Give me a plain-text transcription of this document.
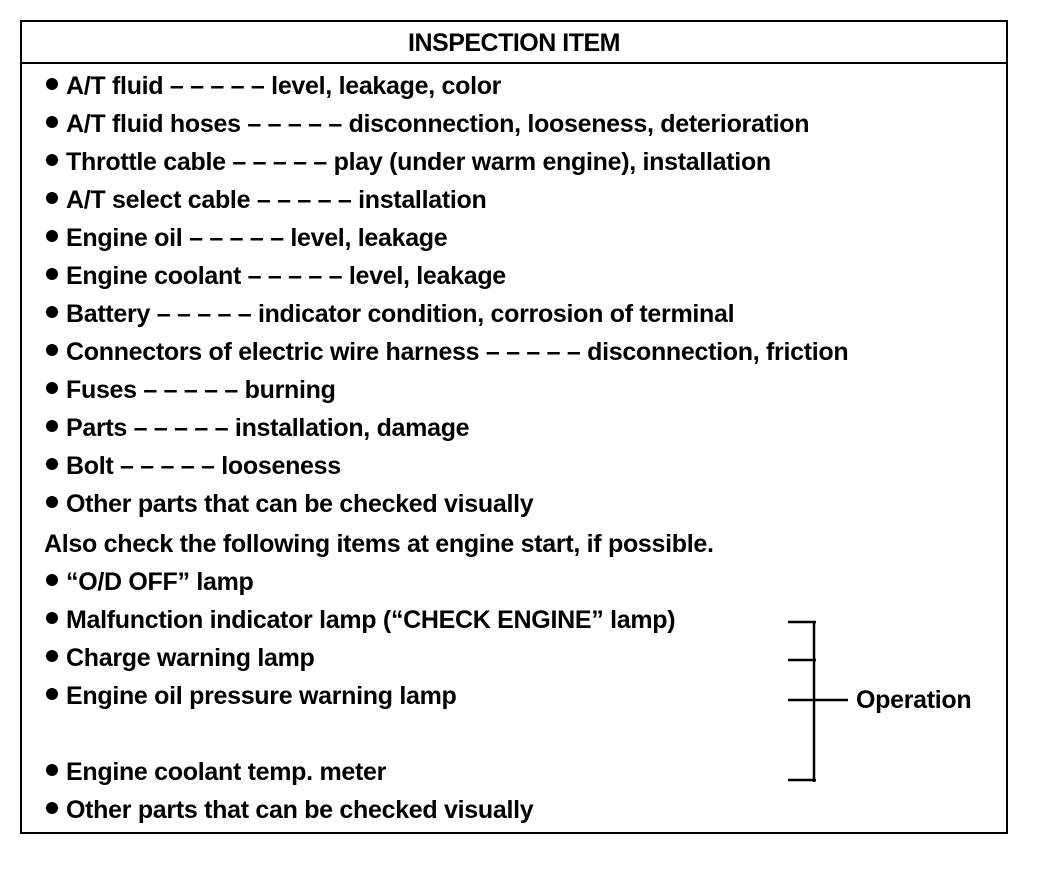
INSPECTION ITEM
A/T fluid – – – – – level, leakage, color
A/T fluid hoses – – – – – disconnection, looseness, deterioration
Throttle cable – – – – – play (under warm engine), installation
A/T select cable – – – – – installation
Engine oil – – – – – level, leakage
Engine coolant – – – – – level, leakage
Battery – – – – – indicator condition, corrosion of terminal
Connectors of electric wire harness – – – – – disconnection, friction
Fuses – – – – – burning
Parts – – – – – installation, damage
Bolt – – – – – looseness
Other parts that can be checked visually
Also check the following items at engine start, if possible.
“O/D OFF” lamp
Malfunction indicator lamp (“CHECK ENGINE” lamp)
Charge warning lamp
Engine oil pressure warning lamp
Engine coolant temp. meter
Other parts that can be checked visually
Operation
